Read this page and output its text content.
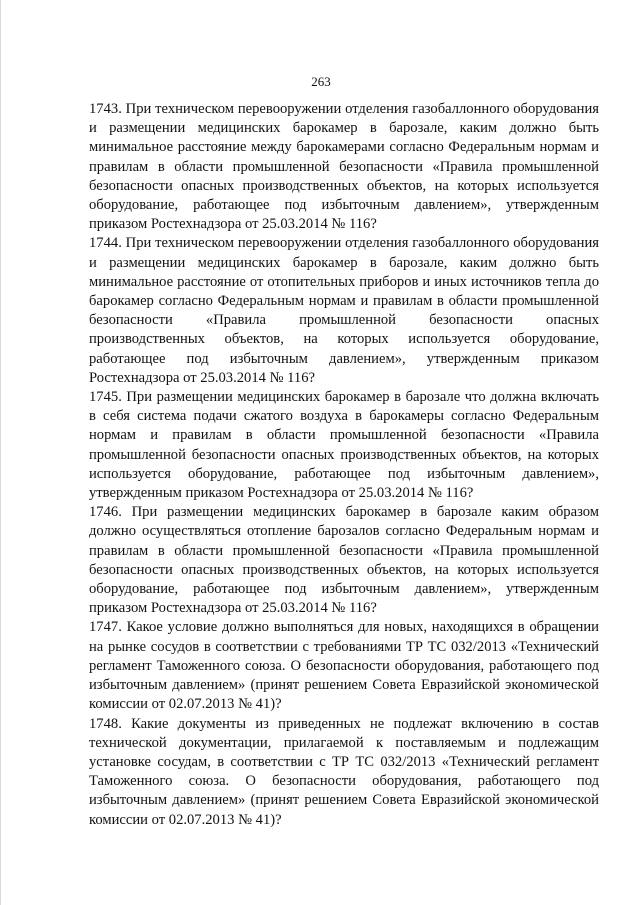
263

1743. При техническом перевооружении отделения газобаллонного оборудования и размещении медицинских барокамер в барозале, каким должно быть минимальное расстояние между барокамерами согласно Федеральным нормам и правилам в области промышленной безопасности «Правила промышленной безопасности опасных производственных объектов, на которых используется оборудование, работающее под избыточным давлением», утвержденным приказом Ростехнадзора от 25.03.2014 № 116?

1744. При техническом перевооружении отделения газобаллонного оборудования и размещении медицинских барокамер в барозале, каким должно быть минимальное расстояние от отопительных приборов и иных источников тепла до барокамер согласно Федеральным нормам и правилам в области промышленной безопасности «Правила промышленной безопасности опасных производственных объектов, на которых используется оборудование, работающее под избыточным давлением», утвержденным приказом Ростехнадзора от 25.03.2014 № 116?

1745. При размещении медицинских барокамер в барозале что должна включать в себя система подачи сжатого воздуха в барокамеры согласно Федеральным нормам и правилам в области промышленной безопасности «Правила промышленной безопасности опасных производственных объектов, на которых используется оборудование, работающее под избыточным давлением», утвержденным приказом Ростехнадзора от 25.03.2014 № 116?

1746. При размещении медицинских барокамер в барозале каким образом должно осуществляться отопление барозалов согласно Федеральным нормам и правилам в области промышленной безопасности «Правила промышленной безопасности опасных производственных объектов, на которых используется оборудование, работающее под избыточным давлением», утвержденным приказом Ростехнадзора от 25.03.2014 № 116?

1747. Какое условие должно выполняться для новых, находящихся в обращении на рынке сосудов в соответствии с требованиями ТР ТС 032/2013 «Технический регламент Таможенного союза. О безопасности оборудования, работающего под избыточным давлением» (принят решением Совета Евразийской экономической комиссии от 02.07.2013 № 41)?

1748. Какие документы из приведенных не подлежат включению в состав технической документации, прилагаемой к поставляемым и подлежащим установке сосудам, в соответствии с ТР ТС 032/2013 «Технический регламент Таможенного союза. О безопасности оборудования, работающего под избыточным давлением» (принят решением Совета Евразийской экономической комиссии от 02.07.2013 № 41)?
